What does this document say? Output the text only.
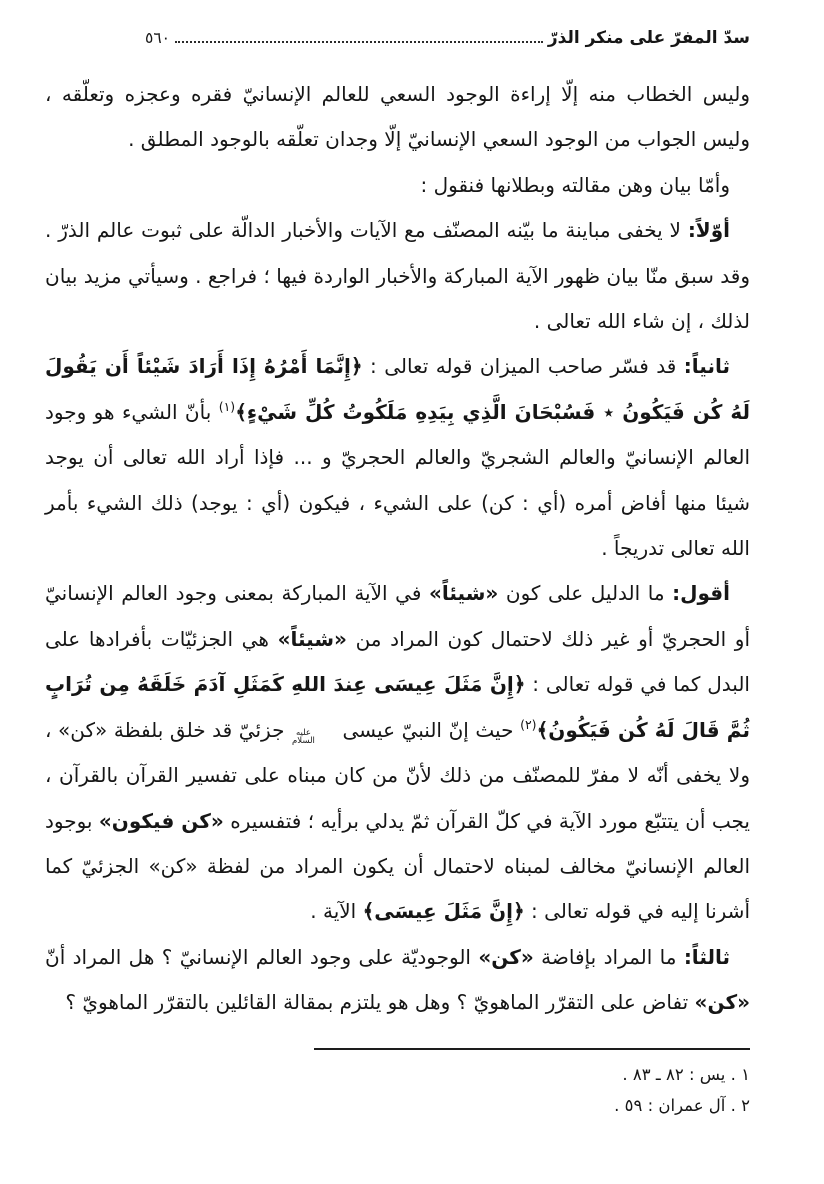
سدّ المفرّ على منكر الذرّ
٥٦٠

وليس الخطاب منه إلّا إراءة الوجود السعي للعالم الإنسانيّ فقره وعجزه وتعلّقه ، وليس الجواب من الوجود السعي الإنسانيّ إلّا وجدان تعلّقه بالوجود المطلق .

وأمّا بيان وهن مقالته وبطلانها فنقول :

أوّلاً: لا يخفى مباينة ما بيّنه المصنّف مع الآيات والأخبار الدالّة على ثبوت عالم الذرّ . وقد سبق منّا بيان ظهور الآية المباركة والأخبار الواردة فيها ؛ فراجع . وسيأتي مزيد بيان لذلك ، إن شاء الله تعالى .

ثانياً: قد فسّر صاحب الميزان قوله تعالى : ﴿إِنَّمَا أَمْرُهُ إِذَا أَرَادَ شَيْئاً أَن يَقُولَ لَهُ كُن فَيَكُونُ ٭ فَسُبْحَانَ الَّذِي بِيَدِهِ مَلَكُوتُ كُلِّ شَيْءٍ﴾$^{(١)}$ بأنّ الشيء هو وجود العالم الإنسانيّ والعالم الشجريّ والعالم الحجريّ و ... فإذا أراد الله تعالى أن يوجد شيئا منها أفاض أمره (أي : كن) على الشيء ، فيكون (أي : يوجد) ذلك الشيء بأمر الله تعالى تدريجاً .

أقول: ما الدليل على كون «شيئاً» في الآية المباركة بمعنى وجود العالم الإنسانيّ أو الحجريّ أو غير ذلك لاحتمال كون المراد من «شيئاً» هي الجزئيّات بأفرادها على البدل كما في قوله تعالى : ﴿إِنَّ مَثَلَ عِيسَى عِندَ اللهِ كَمَثَلِ آدَمَ خَلَقَهُ مِن تُرَابٍ ثُمَّ قَالَ لَهُ كُن فَيَكُونُ﴾$^{(٢)}$ حيث إنّ النبيّ عيسى
عليه
السلام
جزئيّ قد خلق بلفظة «كن» ، ولا يخفى أنّه لا مفرّ للمصنّف من ذلك لأنّ من كان مبناه على تفسير القرآن بالقرآن ، يجب أن يتتبّع مورد الآية في كلّ القرآن ثمّ يدلي برأيه ؛ فتفسيره «كن فيكون» بوجود العالم الإنسانيّ مخالف لمبناه لاحتمال أن يكون المراد من لفظة «كن» الجزئيّ كما أشرنا إليه في قوله تعالى : ﴿إِنَّ مَثَلَ عِيسَى﴾ الآية .

ثالثاً: ما المراد بإفاضة «كن» الوجوديّة على وجود العالم الإنسانيّ ؟ هل المراد أنّ «كن» تفاض على التقرّر الماهويّ ؟ وهل هو يلتزم بمقالة القائلين بالتقرّر الماهويّ ؟

١ . يس : ٨٢ ـ ٨٣ .
٢ . آل عمران : ٥٩ .
